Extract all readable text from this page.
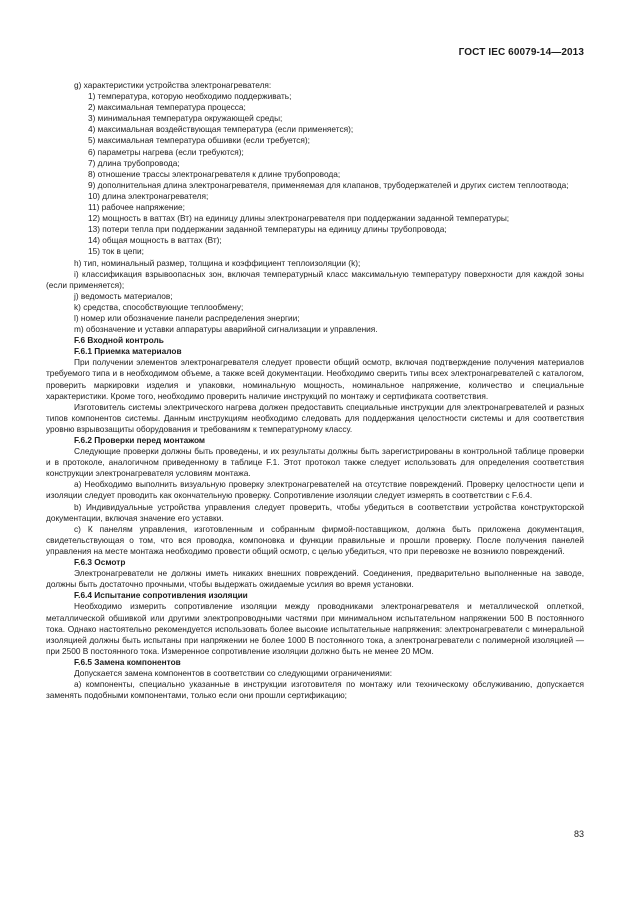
ГОСТ IEC 60079-14—2013

g) характеристики устройства электронагревателя:

1) температура, которую необходимо поддерживать;

2) максимальная температура процесса;

3) минимальная температура окружающей среды;

4) максимальная воздействующая температура (если применяется);

5) максимальная температура обшивки (если требуется);

6) параметры нагрева (если требуются);

7) длина трубопровода;

8) отношение трассы электронагревателя к длине трубопровода;

9) дополнительная длина электронагревателя, применяемая для клапанов, трубодержателей и других систем теплоотвода;

10) длина электронагревателя;

11) рабочее напряжение;

12) мощность в ваттах (Вт) на единицу длины электронагревателя при поддержании заданной температуры;

13) потери тепла при поддержании заданной температуры на единицу длины трубопровода;

14) общая мощность в ваттах (Вт);

15) ток в цепи;

h) тип, номинальный размер, толщина и коэффициент теплоизоляции (k);

i) классификация взрывоопасных зон, включая температурный класс максимальную температуру поверхности для каждой зоны (если применяется);

j) ведомость материалов;

k) средства, способствующие теплообмену;

l) номер или обозначение панели распределения энергии;

m) обозначение и уставки аппаратуры аварийной сигнализации и управления.

F.6 Входной контроль

F.6.1 Приемка материалов

При получении элементов электронагревателя следует провести общий осмотр, включая подтверждение получения материалов требуемого типа и в необходимом объеме, а также всей документации. Необходимо сверить типы всех электронагревателей с каталогом, проверить маркировки изделия и упаковки, номинальную мощность, номинальное напряжение, количество и специальные характеристики. Кроме того, необходимо проверить наличие инструкций по монтажу и сертификата соответствия.

Изготовитель системы электрического нагрева должен предоставить специальные инструкции для электронагревателей и разных типов компонентов системы. Данным инструкциям необходимо следовать для поддержания целостности системы и для соответствия уровню взрывозащиты оборудования и требованиям к температурному классу.

F.6.2 Проверки перед монтажом

Следующие проверки должны быть проведены, и их результаты должны быть зарегистрированы в контрольной таблице проверки и в протоколе, аналогичном приведенному в таблице F.1. Этот протокол также следует использовать для определения соответствия конструкции электронагревателя условиям монтажа.

a) Необходимо выполнить визуальную проверку электронагревателей на отсутствие повреждений. Проверку целостности цепи и изоляции следует проводить как окончательную проверку. Сопротивление изоляции следует измерять в соответствии с F.6.4.

b) Индивидуальные устройства управления следует проверить, чтобы убедиться в соответствии устройства конструкторской документации, включая значение его уставки.

c) К панелям управления, изготовленным и собранным фирмой-поставщиком, должна быть приложена документация, свидетельствующая о том, что вся проводка, компоновка и функции правильные и прошли проверку. После получения панелей управления на месте монтажа необходимо провести общий осмотр, с целью убедиться, что при перевозке не возникло повреждений.

F.6.3 Осмотр

Электронагреватели не должны иметь никаких внешних повреждений. Соединения, предварительно выполненные на заводе, должны быть достаточно прочными, чтобы выдержать ожидаемые усилия во время установки.

F.6.4 Испытание сопротивления изоляции

Необходимо измерить сопротивление изоляции между проводниками электронагревателя и металлической оплеткой, металлической обшивкой или другими электропроводными частями при минимальном испытательном напряжении 500 В постоянного тока. Однако настоятельно рекомендуется использовать более высокие испытательные напряжения: электронагреватели с минеральной изоляцией должны быть испытаны при напряжении не более 1000 В постоянного тока, а электронагреватели с полимерной изоляцией — при 2500 В постоянного тока. Измеренное сопротивление изоляции должно быть не менее 20 МОм.

F.6.5 Замена компонентов

Допускается замена компонентов в соответствии со следующими ограничениями:

a) компоненты, специально указанные в инструкции изготовителя по монтажу или техническому обслуживанию, допускается заменять подобными компонентами, только если они прошли сертификацию;

83
